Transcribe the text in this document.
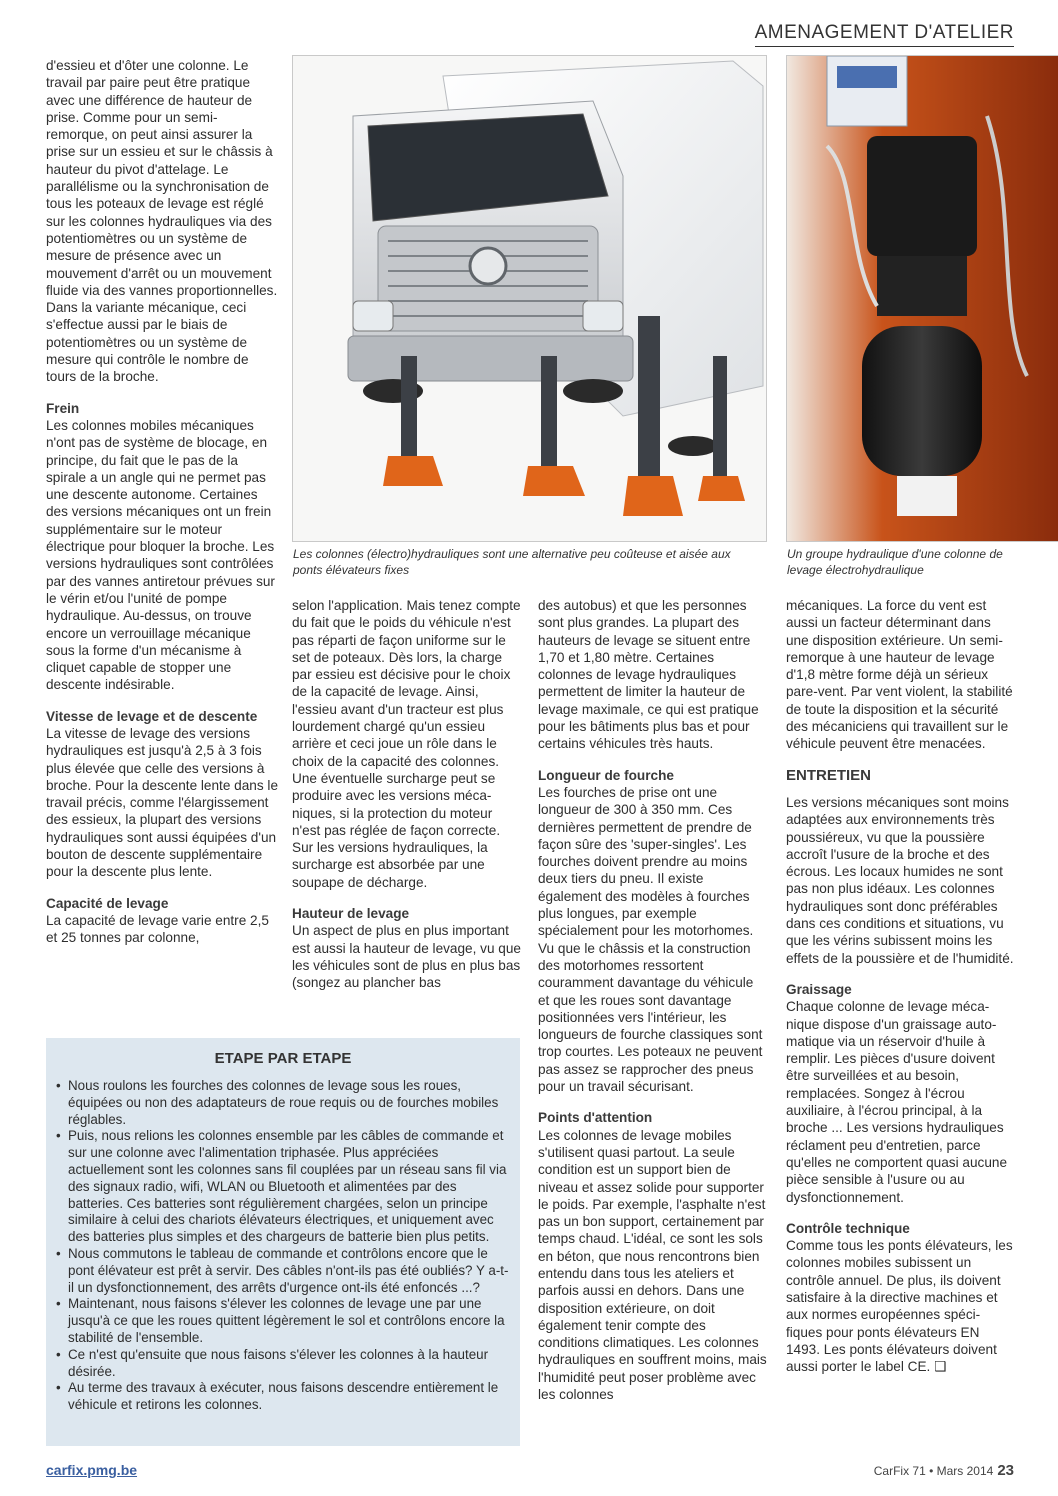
AMENAGEMENT D'ATELIER

d'essieu et d'ôter une colonne. Le travail par paire peut être pratique avec une différence de hauteur de prise. Comme pour un semi-remorque, on peut ainsi assurer la prise sur un essieu et sur le châssis à hauteur du pivot d'attelage. Le parallélisme ou la synchronisation de tous les poteaux de levage est réglé sur les colonnes hydrauliques via des potentiomètres ou un système de mesure de présence avec un mouvement d'arrêt ou un mouvement fluide via des vannes proportionnelles. Dans la variante mécanique, ceci s'effectue aussi par le biais de potentiomètres ou un système de mesure qui contrôle le nombre de tours de la broche.

Frein

Les colonnes mobiles mécaniques n'ont pas de système de blocage, en principe, du fait que le pas de la spirale a un angle qui ne permet pas une descente autonome. Certaines des versions mécaniques ont un frein supplémentaire sur le moteur électrique pour bloquer la broche. Les versions hydrauliques sont contrôlées par des vannes antiretour prévues sur le vérin et/ou l'unité de pompe hydraulique. Au-dessus, on trouve encore un verrouillage mécanique sous la forme d'un mécanisme à cliquet capable de stopper une descente indésirable.

Vitesse de levage et de descente

La vitesse de levage des versions hydrauliques est jusqu'à 2,5 à 3 fois plus élevée que celle des versions à broche. Pour la descente lente dans le travail précis, comme l'élargissement des essieux, la plupart des versions hydrauliques sont aussi équipées d'un bouton de descente supplémentaire pour la descente plus lente.

Capacité de levage

La capacité de levage varie entre 2,5 et 25 tonnes par colonne,

Les colonnes (électro)hydrauliques sont une alternative peu coûteuse et aisée aux ponts élévateurs fixes
Un groupe hydraulique d'une colonne de levage électrohydraulique

selon l'application. Mais tenez compte du fait que le poids du véhicule n'est pas réparti de façon uniforme sur le set de poteaux. Dès lors, la charge par essieu est décisive pour le choix de la capacité de levage. Ainsi, l'essieu avant d'un tracteur est plus lourdement chargé qu'un essieu arrière et ceci joue un rôle dans le choix de la capacité des colonnes. Une éventuelle surcharge peut se produire avec les versions méca-niques, si la protection du moteur n'est pas réglée de façon correcte. Sur les versions hydrauliques, la surcharge est absorbée par une soupape de décharge.

Hauteur de levage

Un aspect de plus en plus important est aussi la hauteur de levage, vu que les véhicules sont de plus en plus bas (songez au plancher bas

des autobus) et que les personnes sont plus grandes. La plupart des hauteurs de levage se situent entre 1,70 et 1,80 mètre. Certaines colonnes de levage hydrauliques permettent de limiter la hauteur de levage maximale, ce qui est pratique pour les bâtiments plus bas et pour certains véhicules très hauts.

Longueur de fourche

Les fourches de prise ont une longueur de 300 à 350 mm. Ces dernières permettent de prendre de façon sûre des 'super-singles'. Les fourches doivent prendre au moins deux tiers du pneu. Il existe également des modèles à fourches plus longues, par exemple spécialement pour les motorhomes. Vu que le châssis et la construction des motorhomes ressortent couramment davantage du véhicule et que les roues sont davantage positionnées vers l'intérieur, les longueurs de fourche classiques sont trop courtes. Les poteaux ne peuvent pas assez se rapprocher des pneus pour un travail sécurisant.

Points d'attention

Les colonnes de levage mobiles s'utilisent quasi partout. La seule condition est un support bien de niveau et assez solide pour supporter le poids. Par exemple, l'asphalte n'est pas un bon support, certainement par temps chaud. L'idéal, ce sont les sols en béton, que nous rencontrons bien entendu dans tous les ateliers et parfois aussi en dehors. Dans une disposition extérieure, on doit également tenir compte des conditions climatiques. Les colonnes hydrauliques en souffrent moins, mais l'humidité peut poser problème avec les colonnes

mécaniques. La force du vent est aussi un facteur déterminant dans une disposition extérieure. Un semi-remorque à une hauteur de levage d'1,8 mètre forme déjà un sérieux pare-vent. Par vent violent, la stabilité de toute la disposition et la sécurité des mécaniciens qui travaillent sur le véhicule peuvent être menacées.

ENTRETIEN

Les versions mécaniques sont moins adaptées aux environnements très poussiéreux, vu que la poussière accroît l'usure de la broche et des écrous. Les locaux humides ne sont pas non plus idéaux. Les colonnes hydrauliques sont donc préférables dans ces conditions et situations, vu que les vérins subissent moins les effets de la poussière et de l'humidité.

Graissage

Chaque colonne de levage méca-nique dispose d'un graissage auto-matique via un réservoir d'huile à remplir. Les pièces d'usure doivent être surveillées et au besoin, remplacées. Songez à l'écrou auxiliaire, à l'écrou principal, à la broche ... Les versions hydrauliques réclament peu d'entretien, parce qu'elles ne comportent quasi aucune pièce sensible à l'usure ou au dysfonctionnement.

Contrôle technique

Comme tous les ponts élévateurs, les colonnes mobiles subissent un contrôle annuel. De plus, ils doivent satisfaire à la directive machines et aux normes européennes spéci-fiques pour ponts élévateurs EN 1493. Les ponts élévateurs doivent aussi porter le label CE. ❑

ETAPE PAR ETAPE
• Nous roulons les fourches des colonnes de levage sous les roues, équipées ou non des adaptateurs de roue requis ou de fourches mobiles réglables.
• Puis, nous relions les colonnes ensemble par les câbles de commande et sur une colonne avec l'alimentation triphasée. Plus appréciées actuellement sont les colonnes sans fil couplées par un réseau sans fil via des signaux radio, wifi, WLAN ou Bluetooth et alimentées par des batteries. Ces batteries sont régulièrement chargées, selon un principe similaire à celui des chariots élévateurs électriques, et uniquement avec des batteries plus simples et des chargeurs de batterie bien plus petits.
• Nous commutons le tableau de commande et contrôlons encore que le pont élévateur est prêt à servir. Des câbles n'ont-ils pas été oubliés? Y a-t-il un dysfonctionnement, des arrêts d'urgence ont-ils été enfoncés ...?
• Maintenant, nous faisons s'élever les colonnes de levage une par une jusqu'à ce que les roues quittent légèrement le sol et contrôlons encore la stabilité de l'ensemble.
• Ce n'est qu'ensuite que nous faisons s'élever les colonnes à la hauteur désirée.
• Au terme des travaux à exécuter, nous faisons descendre entièrement le véhicule et retirons les colonnes.
carfix.pmg.be	CarFix 71 • Mars 2014 23
